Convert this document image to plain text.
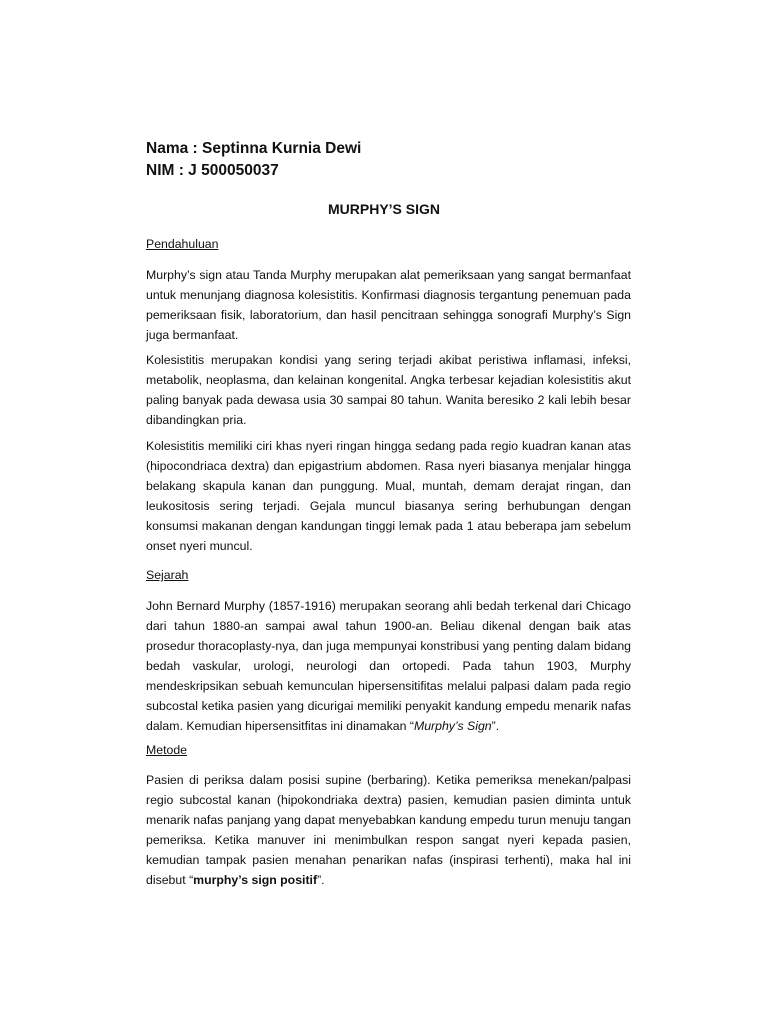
Nama : Septinna Kurnia Dewi

NIM : J 500050037

MURPHY’S SIGN

Pendahuluan

Murphy’s sign atau Tanda Murphy merupakan alat pemeriksaan yang sangat bermanfaat untuk menunjang diagnosa kolesistitis. Konfirmasi diagnosis tergantung penemuan pada pemeriksaan fisik, laboratorium, dan hasil pencitraan sehingga sonografi Murphy’s Sign juga bermanfaat.

Kolesistitis merupakan kondisi yang sering terjadi akibat peristiwa inflamasi, infeksi, metabolik, neoplasma, dan kelainan kongenital. Angka terbesar kejadian kolesistitis akut paling banyak pada dewasa usia 30 sampai 80 tahun. Wanita beresiko 2 kali lebih besar dibandingkan pria.

Kolesistitis memiliki ciri khas nyeri ringan hingga sedang pada regio kuadran kanan atas (hipocondriaca dextra) dan epigastrium abdomen. Rasa nyeri biasanya menjalar hingga belakang skapula kanan dan punggung. Mual, muntah, demam derajat ringan, dan leukositosis sering terjadi. Gejala muncul biasanya sering berhubungan dengan konsumsi makanan dengan kandungan tinggi lemak pada 1 atau beberapa jam sebelum onset nyeri muncul.

Sejarah

John Bernard Murphy (1857-1916) merupakan seorang ahli bedah terkenal dari Chicago dari tahun 1880-an sampai awal tahun 1900-an. Beliau dikenal dengan baik atas prosedur thoracoplasty-nya, dan juga mempunyai konstribusi yang penting dalam bidang bedah vaskular, urologi, neurologi dan ortopedi. Pada tahun 1903, Murphy mendeskripsikan sebuah kemunculan hipersensitifitas melalui palpasi dalam pada regio subcostal ketika pasien yang dicurigai memiliki penyakit kandung empedu menarik nafas dalam. Kemudian hipersensitfitas ini dinamakan “Murphy’s Sign”.

Metode

Pasien di periksa dalam posisi supine (berbaring). Ketika pemeriksa menekan/palpasi regio subcostal kanan (hipokondriaka dextra) pasien, kemudian pasien diminta untuk menarik nafas panjang yang dapat menyebabkan kandung empedu turun menuju tangan pemeriksa. Ketika manuver ini menimbulkan respon sangat nyeri kepada pasien, kemudian tampak pasien menahan penarikan nafas (inspirasi terhenti), maka hal ini disebut “murphy’s sign positif”.
